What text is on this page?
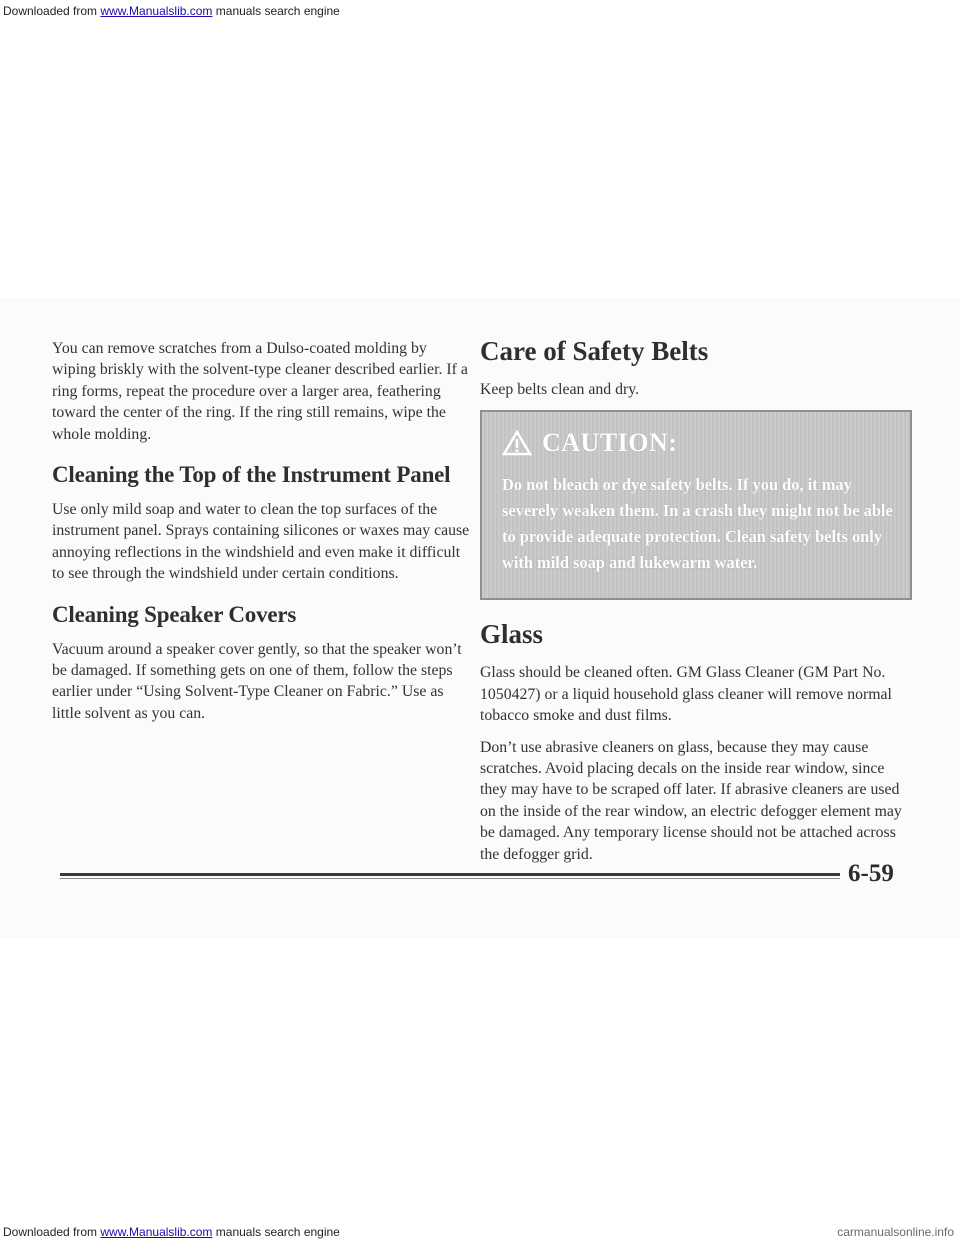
Downloaded from www.Manualslib.com manuals search engine

You can remove scratches from a Dulso-coated molding by wiping briskly with the solvent-type cleaner described earlier. If a ring forms, repeat the procedure over a larger area, feathering toward the center of the ring. If the ring still remains, wipe the whole molding.

Cleaning the Top of the Instrument Panel

Use only mild soap and water to clean the top surfaces of the instrument panel. Sprays containing silicones or waxes may cause annoying reflections in the windshield and even make it difficult to see through the windshield under certain conditions.

Cleaning Speaker Covers

Vacuum around a speaker cover gently, so that the speaker won’t be damaged. If something gets on one of them, follow the steps earlier under “Using Solvent-Type Cleaner on Fabric.” Use as little solvent as you can.

Care of Safety Belts

Keep belts clean and dry.

CAUTION:

Do not bleach or dye safety belts. If you do, it may severely weaken them. In a crash they might not be able to provide adequate protection. Clean safety belts only with mild soap and lukewarm water.

Glass

Glass should be cleaned often. GM Glass Cleaner (GM Part No. 1050427) or a liquid household glass cleaner will remove normal tobacco smoke and dust films.

Don’t use abrasive cleaners on glass, because they may cause scratches. Avoid placing decals on the inside rear window, since they may have to be scraped off later. If abrasive cleaners are used on the inside of the rear window, an electric defogger element may be damaged. Any temporary license should not be attached across the defogger grid.

6-59
Downloaded from www.Manualslib.com manuals search engine	carmanualsonline.info
